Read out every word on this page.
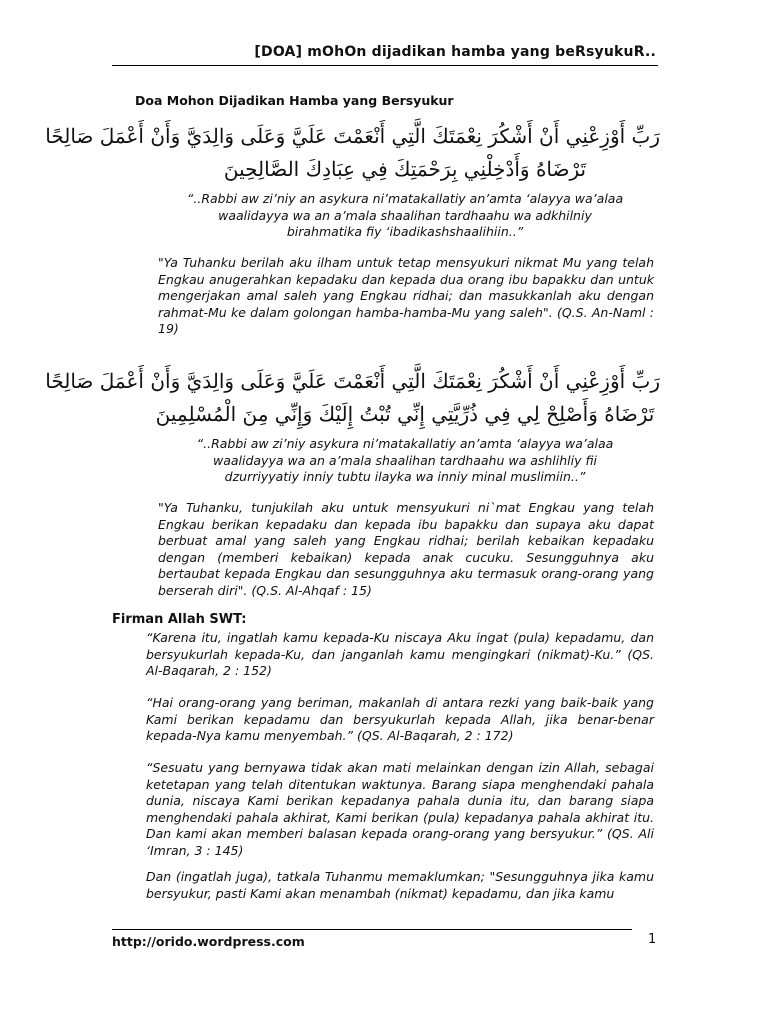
[DOA] mOhOn dijadikan hamba yang beRsyukuR..
Doa Mohon Dijadikan Hamba yang Bersyukur
رَبِّ أَوْزِعْنِي أَنْ أَشْكُرَ نِعْمَتَكَ الَّتِي أَنْعَمْتَ عَلَيَّ وَعَلَى وَالِدَيَّ وَأَنْ أَعْمَلَ صَالِحًا
تَرْضَاهُ وَأَدْخِلْنِي بِرَحْمَتِكَ فِي عِبَادِكَ الصَّالِحِينَ
“..Rabbi aw zi’niy an asykura ni’matakallatiy an’amta ‘alayya wa’alaa
waalidayya wa an a’mala shaalihan tardhaahu wa adkhilniy
birahmatika fiy ‘ibadikashshaalihiin..”
"Ya Tuhanku berilah aku ilham untuk tetap mensyukuri nikmat Mu yang telah Engkau anugerahkan kepadaku dan kepada dua orang ibu bapakku dan untuk mengerjakan amal saleh yang Engkau ridhai; dan masukkanlah aku dengan rahmat-Mu ke dalam golongan hamba-hamba-Mu yang saleh". (Q.S. An-Naml : 19)
رَبِّ أَوْزِعْنِي أَنْ أَشْكُرَ نِعْمَتَكَ الَّتِي أَنْعَمْتَ عَلَيَّ وَعَلَى وَالِدَيَّ وَأَنْ أَعْمَلَ صَالِحًا
تَرْضَاهُ وَأَصْلِحْ لِي فِي ذُرِّيَّتِي إِنِّي تُبْتُ إِلَيْكَ وَإِنِّي مِنَ الْمُسْلِمِينَ
“..Rabbi aw zi’niy asykura ni’matakallatiy an’amta ‘alayya wa’alaa
waalidayya wa an a’mala shaalihan tardhaahu wa ashlihliy fii
dzurriyyatiy inniy tubtu ilayka wa inniy minal muslimiin..”
"Ya Tuhanku, tunjukilah aku untuk mensyukuri ni`mat Engkau yang telah Engkau berikan kepadaku dan kepada ibu bapakku dan supaya aku dapat berbuat amal yang saleh yang Engkau ridhai; berilah kebaikan kepadaku dengan (memberi kebaikan) kepada anak cucuku. Sesungguhnya aku bertaubat kepada Engkau dan sesungguhnya aku termasuk orang-orang yang berserah diri". (Q.S. Al-Ahqaf : 15)
Firman Allah SWT:
“Karena itu, ingatlah kamu kepada-Ku niscaya Aku ingat (pula) kepadamu, dan bersyukurlah kepada-Ku, dan janganlah kamu mengingkari (nikmat)-Ku.” (QS. Al-Baqarah, 2 : 152)
“Hai orang-orang yang beriman, makanlah di antara rezki yang baik-baik yang Kami berikan kepadamu dan bersyukurlah kepada Allah, jika benar-benar kepada-Nya kamu menyembah.” (QS. Al-Baqarah, 2 : 172)
“Sesuatu yang bernyawa tidak akan mati melainkan dengan izin Allah, sebagai ketetapan yang telah ditentukan waktunya. Barang siapa menghendaki pahala dunia, niscaya Kami berikan kepadanya pahala dunia itu, dan barang siapa menghendaki pahala akhirat, Kami berikan (pula) kepadanya pahala akhirat itu. Dan kami akan memberi balasan kepada orang-orang yang bersyukur.” (QS. Ali ‘Imran, 3 : 145)
Dan (ingatlah juga), tatkala Tuhanmu memaklumkan; "Sesungguhnya jika kamu bersyukur, pasti Kami akan menambah (nikmat) kepadamu, dan jika kamu
http://orido.wordpress.com	1
